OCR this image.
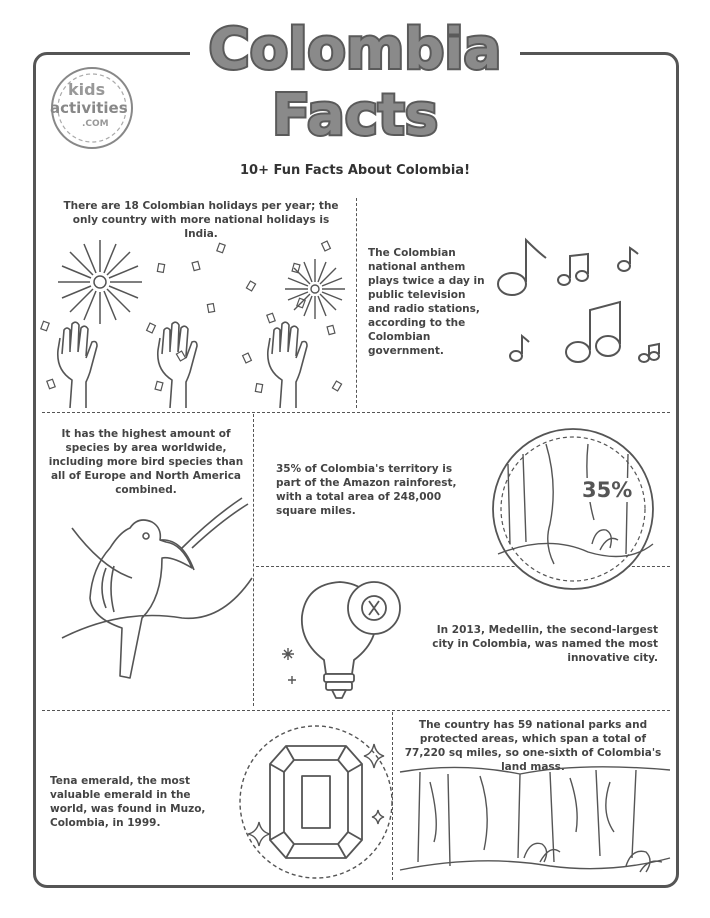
Colombia
Facts
kids
activities
.COM
10+ Fun Facts About Colombia!
There are 18 Colombian holidays per year; the only country with more national holidays is India.
The Colombian national anthem plays twice a day in public television and radio stations, according to the Colombian government.
It has the highest amount of species by area worldwide, including more bird species than all of Europe and North America combined.
35% of Colombia's territory is part of the Amazon rainforest, with a total area of 248,000 square miles.
In 2013, Medellin, the second-largest city in Colombia, was named the most innovative city.
The country has 59 national parks and protected areas, which span a total of 77,220 sq miles, so one-sixth of Colombia's land mass.
Tena emerald, the most valuable emerald in the world, was found in Muzo, Colombia, in 1999.
35%
